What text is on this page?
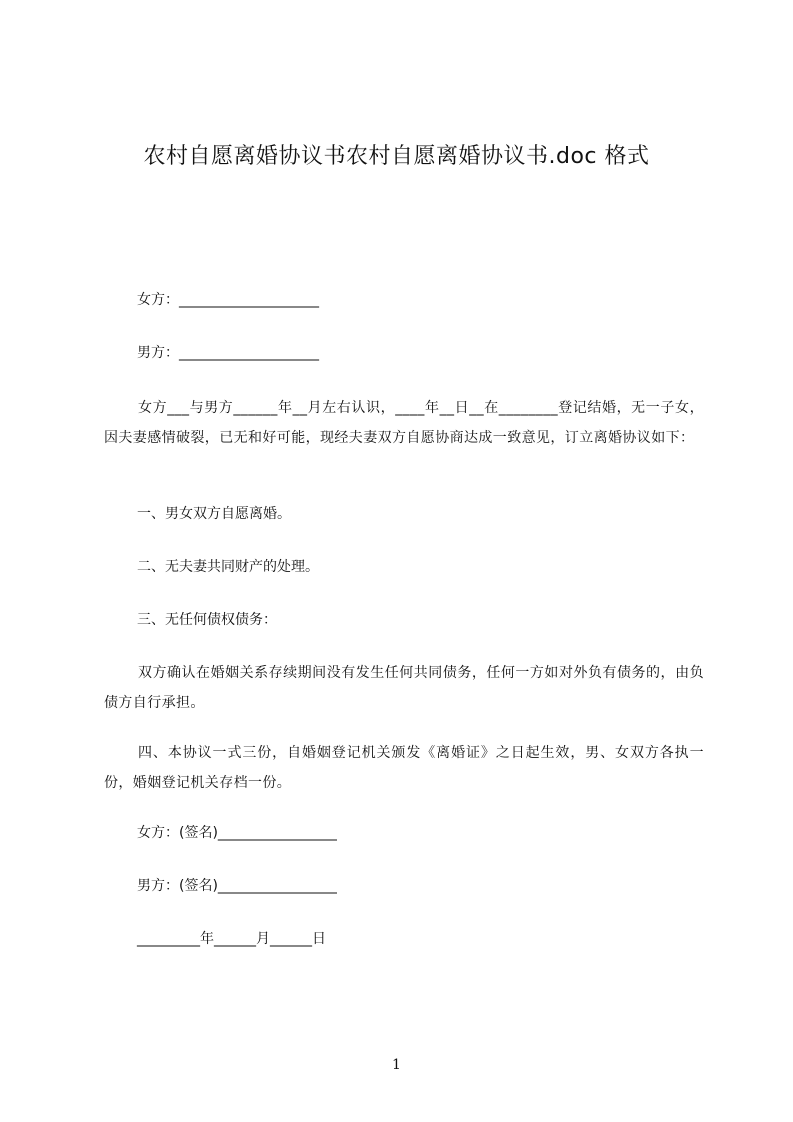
农村自愿离婚协议书农村自愿离婚协议书.doc 格式
女方：____________________
男方：____________________
女方___与男方______年__月左右认识，____年__日__在________登记结婚，无一子女，因夫妻感情破裂，已无和好可能，现经夫妻双方自愿协商达成一致意见，订立离婚协议如下：
一、男女双方自愿离婚。
二、无夫妻共同财产的处理。
三、无任何债权债务：
双方确认在婚姻关系存续期间没有发生任何共同债务，任何一方如对外负有债务的，由负债方自行承担。
四、本协议一式三份，自婚姻登记机关颁发《离婚证》之日起生效，男、女双方各执一份，婚姻登记机关存档一份。
女方：(签名)_________________
男方：(签名)_________________
_________年______月______日
1
